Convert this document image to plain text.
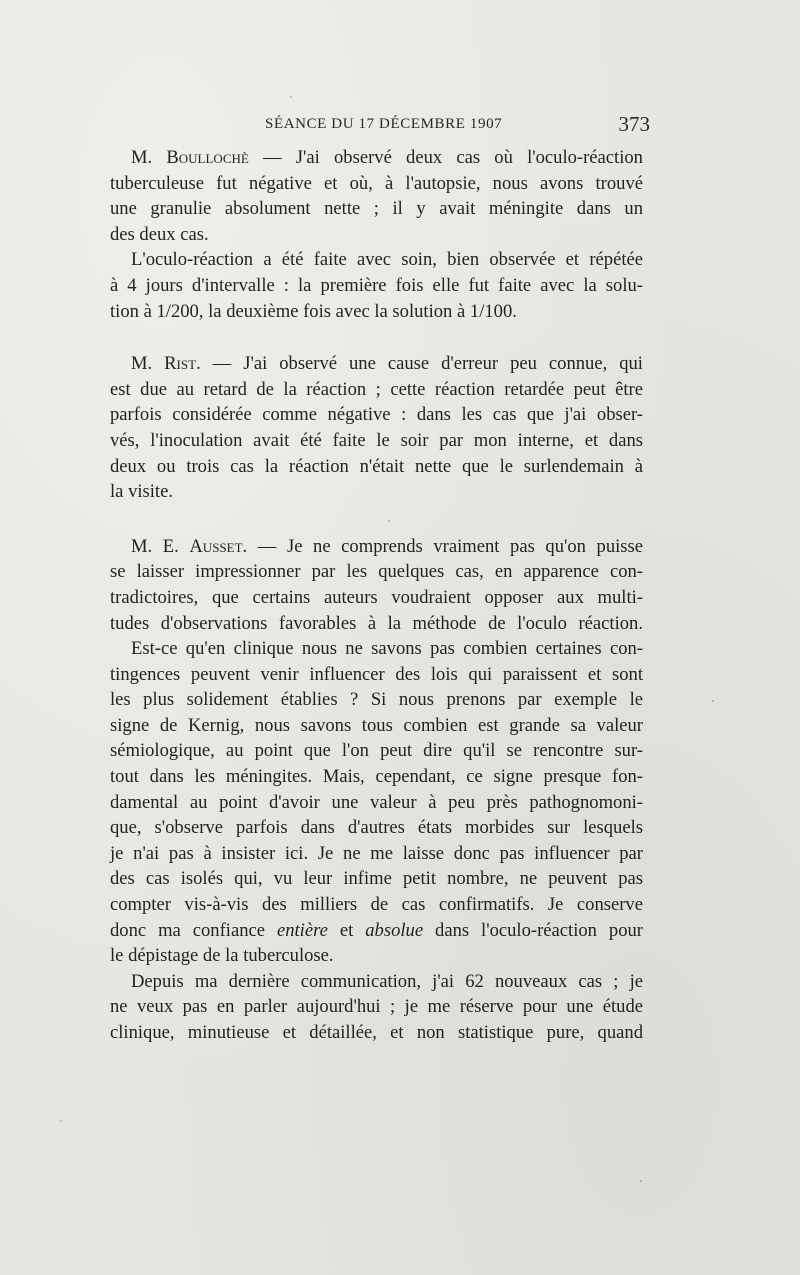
SÉANCE DU 17 DÉCEMBRE 1907	373
M. Boullochè — J'ai observé deux cas où l'oculo-réaction
tuberculeuse fut négative et où, à l'autopsie, nous avons trouvé
une granulie absolument nette ; il y avait méningite dans un
des deux cas.
L'oculo-réaction a été faite avec soin, bien observée et répétée
à 4 jours d'intervalle : la première fois elle fut faite avec la solu-
tion à 1/200, la deuxième fois avec la solution à 1/100.
M. Rist. — J'ai observé une cause d'erreur peu connue, qui
est due au retard de la réaction ; cette réaction retardée peut être
parfois considérée comme négative : dans les cas que j'ai obser-
vés, l'inoculation avait été faite le soir par mon interne, et dans
deux ou trois cas la réaction n'était nette que le surlendemain à
la visite.
M. E. Ausset. — Je ne comprends vraiment pas qu'on puisse
se laisser impressionner par les quelques cas, en apparence con-
tradictoires, que certains auteurs voudraient opposer aux multi-
tudes d'observations favorables à la méthode de l'oculo réaction.
Est-ce qu'en clinique nous ne savons pas combien certaines con-
tingences peuvent venir influencer des lois qui paraissent et sont
les plus solidement établies ? Si nous prenons par exemple le
signe de Kernig, nous savons tous combien est grande sa valeur
sémiologique, au point que l'on peut dire qu'il se rencontre sur-
tout dans les méningites. Mais, cependant, ce signe presque fon-
damental au point d'avoir une valeur à peu près pathognomoni-
que, s'observe parfois dans d'autres états morbides sur lesquels
je n'ai pas à insister ici. Je ne me laisse donc pas influencer par
des cas isolés qui, vu leur infime petit nombre, ne peuvent pas
compter vis-à-vis des milliers de cas confirmatifs. Je conserve
donc ma confiance entière et absolue dans l'oculo-réaction pour
le dépistage de la tuberculose.
Depuis ma dernière communication, j'ai 62 nouveaux cas ; je
ne veux pas en parler aujourd'hui ; je me réserve pour une étude
clinique, minutieuse et détaillée, et non statistique pure, quand
